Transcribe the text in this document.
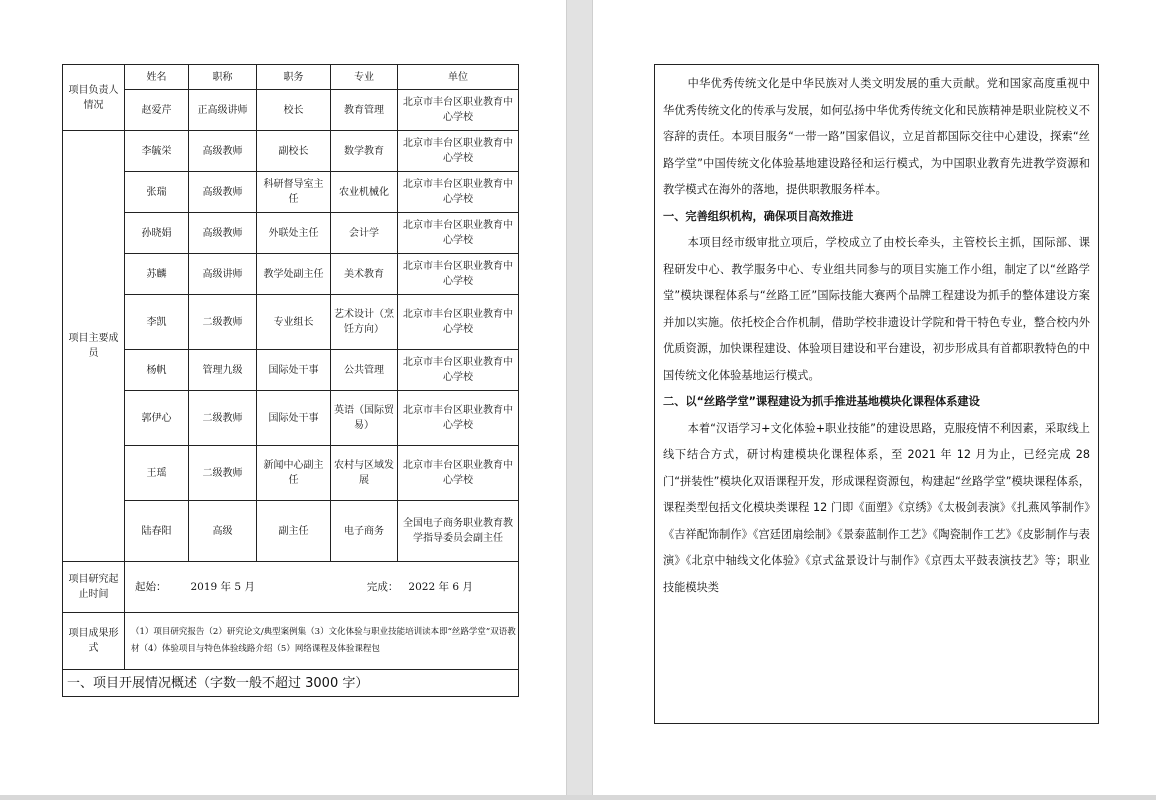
项目负责人情况	姓名	职称	职务	专业	单位
	赵爱芹	正高级讲师	校长	教育管理	北京市丰台区职业教育中心学校
项目主要成员	李毓栄	高级教师	副校长	数学教育	北京市丰台区职业教育中心学校
	张瑞	高级教师	科研督导室主任	农业机械化	北京市丰台区职业教育中心学校
	孙晓娟	高级教师	外联处主任	会计学	北京市丰台区职业教育中心学校
	苏麟	高级讲师	教学处副主任	美术教育	北京市丰台区职业教育中心学校
	李凯	二级教师	专业组长	艺术设计（烹饪方向）	北京市丰台区职业教育中心学校
	杨帆	管理九级	国际处干事	公共管理	北京市丰台区职业教育中心学校
	郭伊心	二级教师	国际处干事	英语（国际贸易）	北京市丰台区职业教育中心学校
	王瑶	二级教师	新闻中心副主任	农村与区域发展	北京市丰台区职业教育中心学校
	陆春阳	高级	副主任	电子商务	全国电子商务职业教育教学指导委员会副主任
项目研究起止时间	起始： 2019 年 5 月 完成： 2022 年 6 月				

项目成果形式	（1）项目研究报告（2）研究论文/典型案例集（3）文化体验与职业技能培训读本即“丝路学堂”双语教材（4）体验项目与特色体验线路介绍（5）网络课程及体验课程包				
一、项目开展情况概述（字数一般不超过 3000 字）					

中华优秀传统文化是中华民族对人类文明发展的重大贡献。党和国家高度重视中华优秀传统文化的传承与发展，如何弘扬中华优秀传统文化和民族精神是职业院校义不容辞的责任。本项目服务“一带一路”国家倡议，立足首都国际交往中心建设，探索“丝路学堂”中国传统文化体验基地建设路径和运行模式，为中国职业教育先进教学资源和教学模式在海外的落地，提供职教服务样本。

一、完善组织机构，确保项目高效推进

本项目经市级审批立项后，学校成立了由校长牵头，主管校长主抓，国际部、课程研发中心、教学服务中心、专业组共同参与的项目实施工作小组，制定了以“丝路学堂”模块课程体系与“丝路工匠”国际技能大赛两个品牌工程建设为抓手的整体建设方案并加以实施。依托校企合作机制，借助学校非遗设计学院和骨干特色专业，整合校内外优质资源，加快课程建设、体验项目建设和平台建设，初步形成具有首都职教特色的中国传统文化体验基地运行模式。

二、以“丝路学堂”课程建设为抓手推进基地模块化课程体系建设

本着“汉语学习+文化体验+职业技能”的建设思路，克服疫情不利因素，采取线上线下结合方式，研讨构建模块化课程体系，至 2021 年 12 月为止，已经完成 28 门“拼装性”模块化双语课程开发，形成课程资源包，构建起“丝路学堂”模块课程体系，课程类型包括文化模块类课程 12 门即《面塑》《京绣》《太极剑表演》《扎燕风筝制作》《吉祥配饰制作》《宫廷团扇绘制》《景泰蓝制作工艺》《陶瓷制作工艺》《皮影制作与表演》《北京中轴线文化体验》《京式盆景设计与制作》《京西太平鼓表演技艺》等；职业技能模块类
